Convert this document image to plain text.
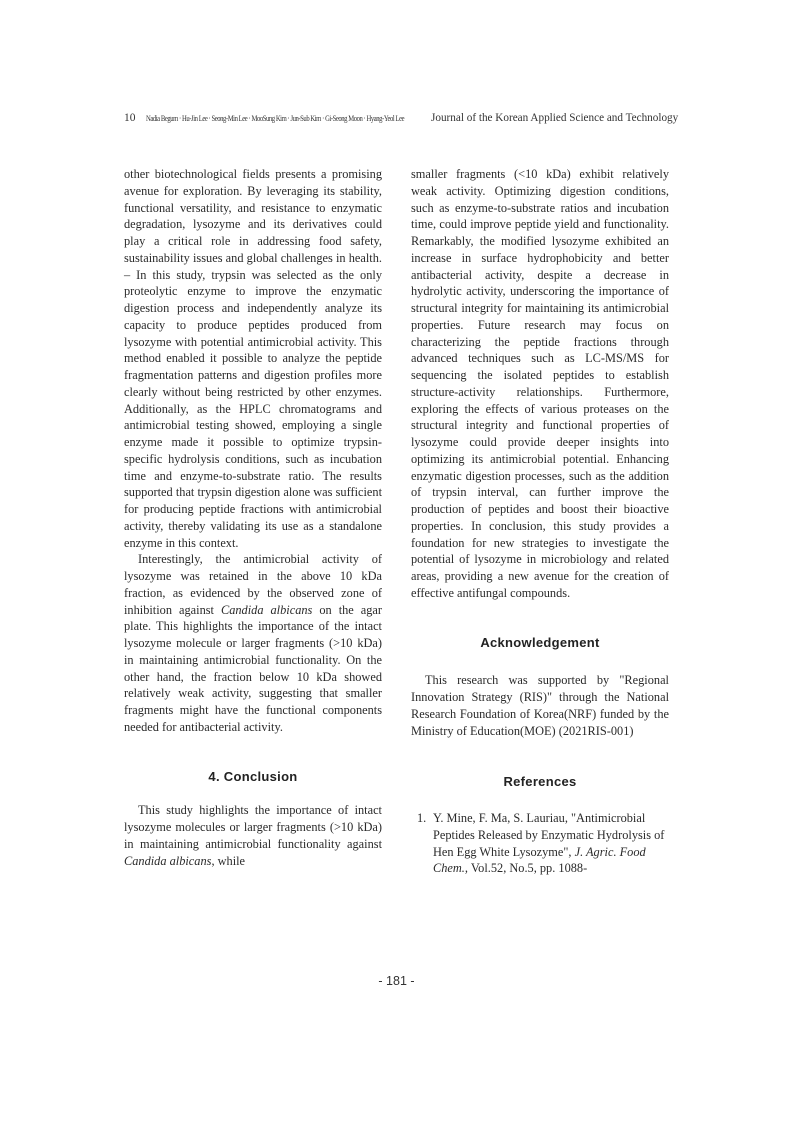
10 Nadia Begum · Hu-Jin Lee · Seong-Min Lee · MooSung Kim · Jun-Sub Kim · Gi-Seong Moon · Hyang-Yeol Lee Journal of the Korean Applied Science and Technology

other biotechnological fields presents a promising avenue for exploration. By leveraging its stability, functional versatility, and resistance to enzymatic degradation, lysozyme and its derivatives could play a critical role in addressing food safety, sustainability issues and global challenges in health. – In this study, trypsin was selected as the only proteolytic enzyme to improve the enzymatic digestion process and independently analyze its capacity to produce peptides produced from lysozyme with potential antimicrobial activity. This method enabled it possible to analyze the peptide fragmentation patterns and digestion profiles more clearly without being restricted by other enzymes. Additionally, as the HPLC chromatograms and antimicrobial testing showed, employing a single enzyme made it possible to optimize trypsin-specific hydrolysis conditions, such as incubation time and enzyme-to-substrate ratio. The results supported that trypsin digestion alone was sufficient for producing peptide fractions with antimicrobial activity, thereby validating its use as a standalone enzyme in this context.

Interestingly, the antimicrobial activity of lysozyme was retained in the above 10 kDa fraction, as evidenced by the observed zone of inhibition against Candida albicans on the agar plate. This highlights the importance of the intact lysozyme molecule or larger fragments (>10 kDa) in maintaining antimicrobial functionality. On the other hand, the fraction below 10 kDa showed relatively weak activity, suggesting that smaller fragments might have the functional components needed for antibacterial activity.

4. Conclusion

This study highlights the importance of intact lysozyme molecules or larger fragments (>10 kDa) in maintaining antimicrobial functionality against Candida albicans, while

smaller fragments (<10 kDa) exhibit relatively weak activity. Optimizing digestion conditions, such as enzyme-to-substrate ratios and incubation time, could improve peptide yield and functionality. Remarkably, the modified lysozyme exhibited an increase in surface hydrophobicity and better antibacterial activity, despite a decrease in hydrolytic activity, underscoring the importance of structural integrity for maintaining its antimicrobial properties. Future research may focus on characterizing the peptide fractions through advanced techniques such as LC-MS/MS for sequencing the isolated peptides to establish structure-activity relationships. Furthermore, exploring the effects of various proteases on the structural integrity and functional properties of lysozyme could provide deeper insights into optimizing its antimicrobial potential. Enhancing enzymatic digestion processes, such as the addition of trypsin interval, can further improve the production of peptides and boost their bioactive properties. In conclusion, this study provides a foundation for new strategies to investigate the potential of lysozyme in microbiology and related areas, providing a new avenue for the creation of effective antifungal compounds.

Acknowledgement

This research was supported by "Regional Innovation Strategy (RIS)" through the National Research Foundation of Korea(NRF) funded by the Ministry of Education(MOE) (2021RIS-001)

References
1. Y. Mine, F. Ma, S. Lauriau, "Antimicrobial Peptides Released by Enzymatic Hydrolysis of Hen Egg White Lysozyme", J. Agric. Food Chem., Vol.52, No.5, pp. 1088-
- 181 -
